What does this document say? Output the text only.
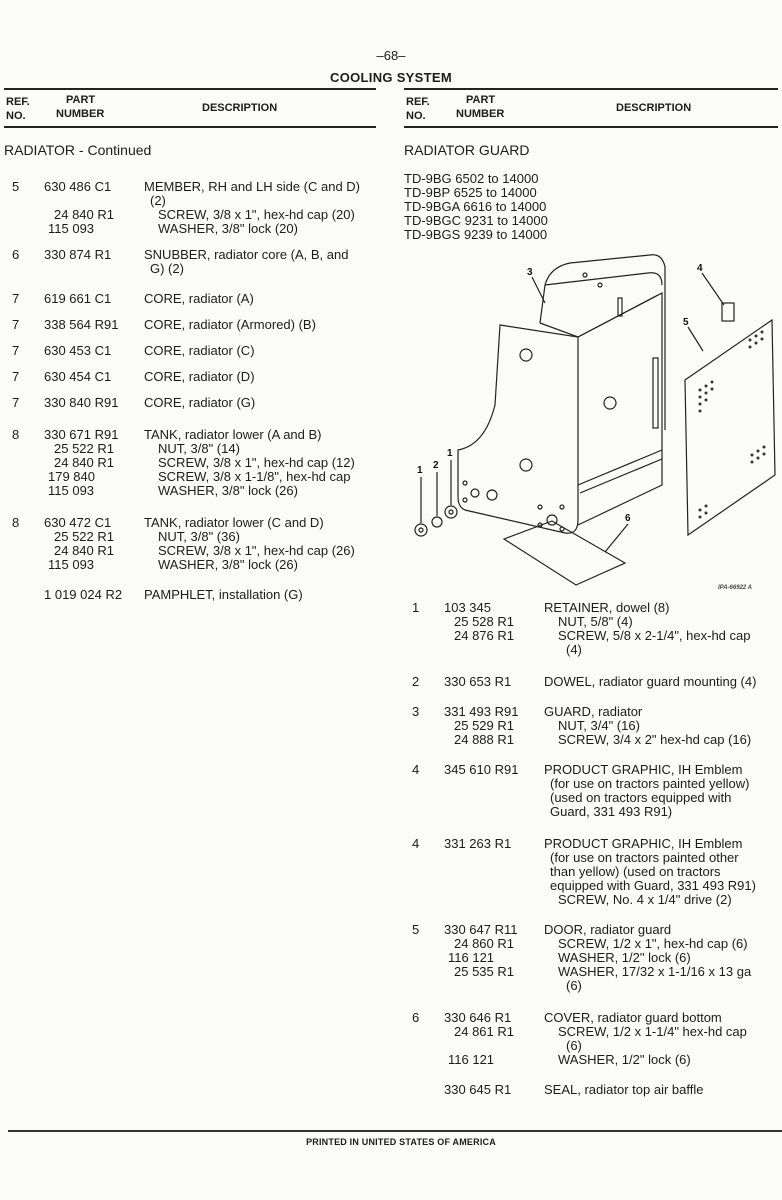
–68–
COOLING SYSTEM
REF.
NO.
PART
NUMBER	DESCRIPTION
RADIATOR - Continued
5	630 486 C1	MEMBER, RH and LH side (C and D)
(2)
24 840 R1	SCREW, 3/8 x 1", hex-hd cap (20)
115 093	WASHER, 3/8" lock (20)
6	330 874 R1	SNUBBER, radiator core (A, B, and
G) (2)
7	619 661 C1	CORE, radiator (A)
7	338 564 R91	CORE, radiator (Armored) (B)
7	630 453 C1	CORE, radiator (C)
7	630 454 C1	CORE, radiator (D)
7	330 840 R91	CORE, radiator (G)
8	330 671 R91	TANK, radiator lower (A and B)
25 522 R1	NUT, 3/8" (14)
24 840 R1	SCREW, 3/8 x 1", hex-hd cap (12)
179 840	SCREW, 3/8 x 1-1/8", hex-hd cap
115 093	WASHER, 3/8" lock (26)
8	630 472 C1	TANK, radiator lower (C and D)
25 522 R1	NUT, 3/8" (36)
24 840 R1	SCREW, 3/8 x 1", hex-hd cap (26)
115 093	WASHER, 3/8" lock (26)
1 019 024 R2	PAMPHLET, installation (G)
REF.
NO.
PART
NUMBER	DESCRIPTION
RADIATOR GUARD
TD-9BG 6502 to 14000
TD-9BP 6525 to 14000
TD-9BGA 6616 to 14000
TD-9BGC 9231 to 14000
TD-9BGS 9239 to 14000
1	103 345	RETAINER, dowel (8)
25 528 R1	NUT, 5/8" (4)
24 876 R1	SCREW, 5/8 x 2-1/4", hex-hd cap
(4)
2	330 653 R1	DOWEL, radiator guard mounting (4)
3	331 493 R91	GUARD, radiator
25 529 R1	NUT, 3/4" (16)
24 888 R1	SCREW, 3/4 x 2" hex-hd cap (16)
4	345 610 R91	PRODUCT GRAPHIC, IH Emblem
(for use on tractors painted yellow)
(used on tractors equipped with
Guard, 331 493 R91)
4	331 263 R1	PRODUCT GRAPHIC, IH Emblem
(for use on tractors painted other
than yellow) (used on tractors
equipped with Guard, 331 493 R91)
SCREW, No. 4 x 1/4" drive (2)
5	330 647 R11	DOOR, radiator guard
24 860 R1	SCREW, 1/2 x 1", hex-hd cap (6)
116 121	WASHER, 1/2" lock (6)
25 535 R1	WASHER, 17/32 x 1-1/16 x 13 ga
(6)
6	330 646 R1	COVER, radiator guard bottom
24 861 R1	SCREW, 1/2 x 1-1/4" hex-hd cap
(6)
116 121	WASHER, 1/2" lock (6)
330 645 R1	SEAL, radiator top air baffle
1 2
1
3	4
5
6
IPA-66922 A
PRINTED IN UNITED STATES OF AMERICA
